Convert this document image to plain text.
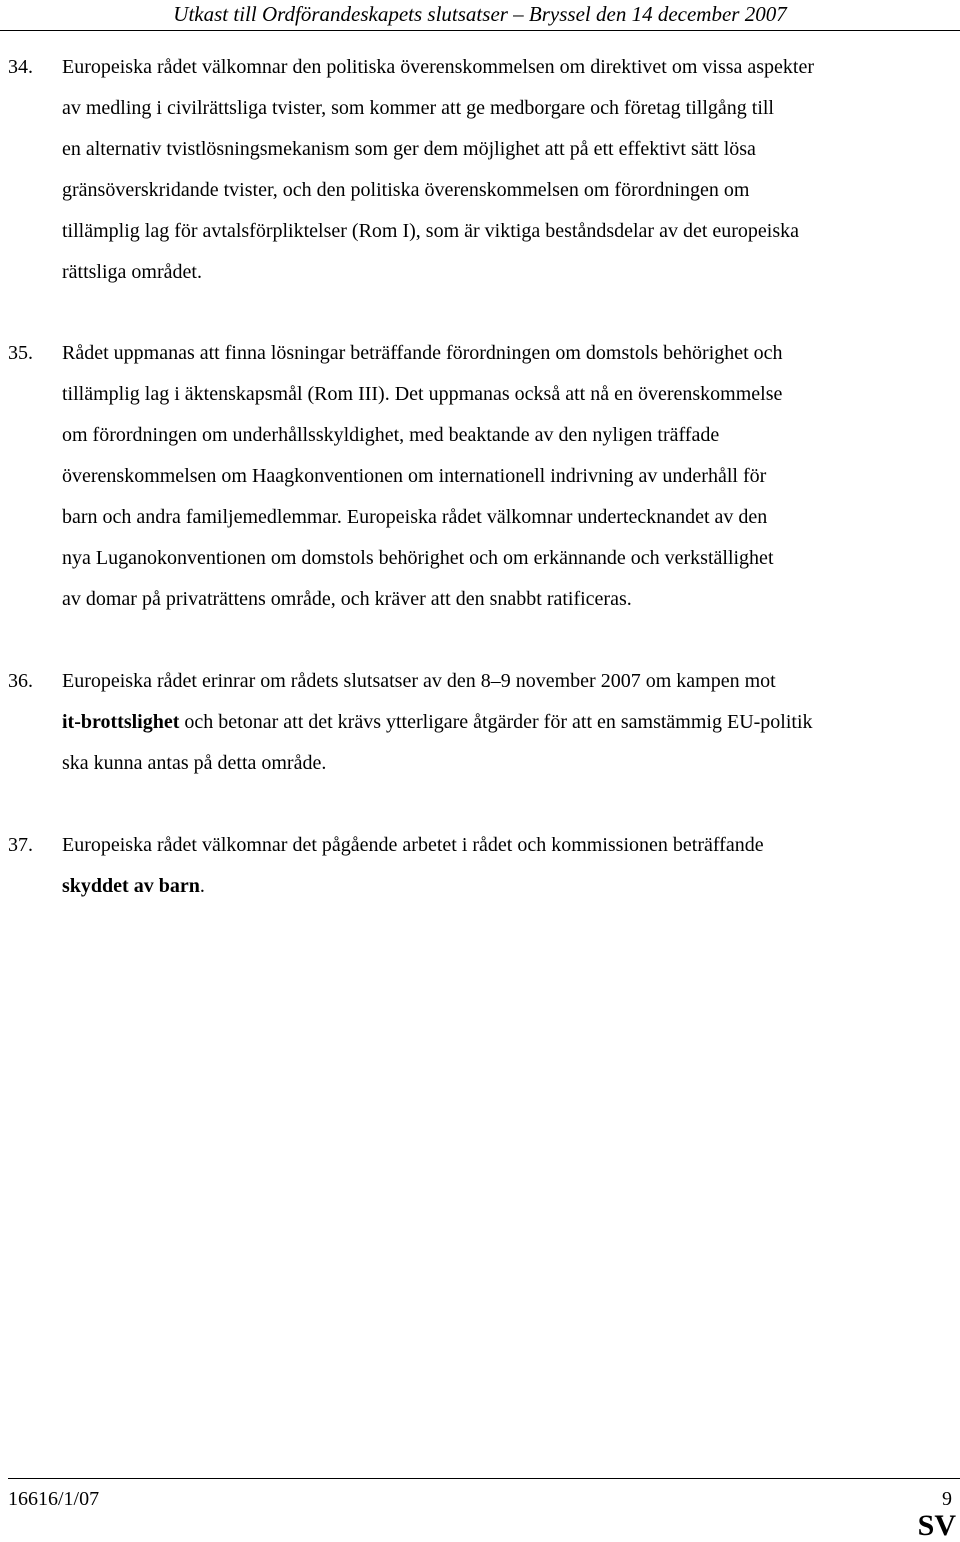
Utkast till Ordförandeskapets slutsatser – Bryssel den 14 december 2007
34. Europeiska rådet välkomnar den politiska överenskommelsen om direktivet om vissa aspekter
av medling i civilrättsliga tvister, som kommer att ge medborgare och företag tillgång till
en alternativ tvistlösningsmekanism som ger dem möjlighet att på ett effektivt sätt lösa
gränsöverskridande tvister, och den politiska överenskommelsen om förordningen om
tillämplig lag för avtalsförpliktelser (Rom I), som är viktiga beståndsdelar av det europeiska
rättsliga området.
35. Rådet uppmanas att finna lösningar beträffande förordningen om domstols behörighet och
tillämplig lag i äktenskapsmål (Rom III). Det uppmanas också att nå en överenskommelse
om förordningen om underhållsskyldighet, med beaktande av den nyligen träffade
överenskommelsen om Haagkonventionen om internationell indrivning av underhåll för
barn och andra familjemedlemmar. Europeiska rådet välkomnar undertecknandet av den
nya Luganokonventionen om domstols behörighet och om erkännande och verkställighet
av domar på privaträttens område, och kräver att den snabbt ratificeras.
36. Europeiska rådet erinrar om rådets slutsatser av den 8–9 november 2007 om kampen mot
it-brottslighet och betonar att det krävs ytterligare åtgärder för att en samstämmig EU-politik
ska kunna antas på detta område.
37. Europeiska rådet välkomnar det pågående arbetet i rådet och kommissionen beträffande
skyddet av barn.
16616/1/07	9
SV
